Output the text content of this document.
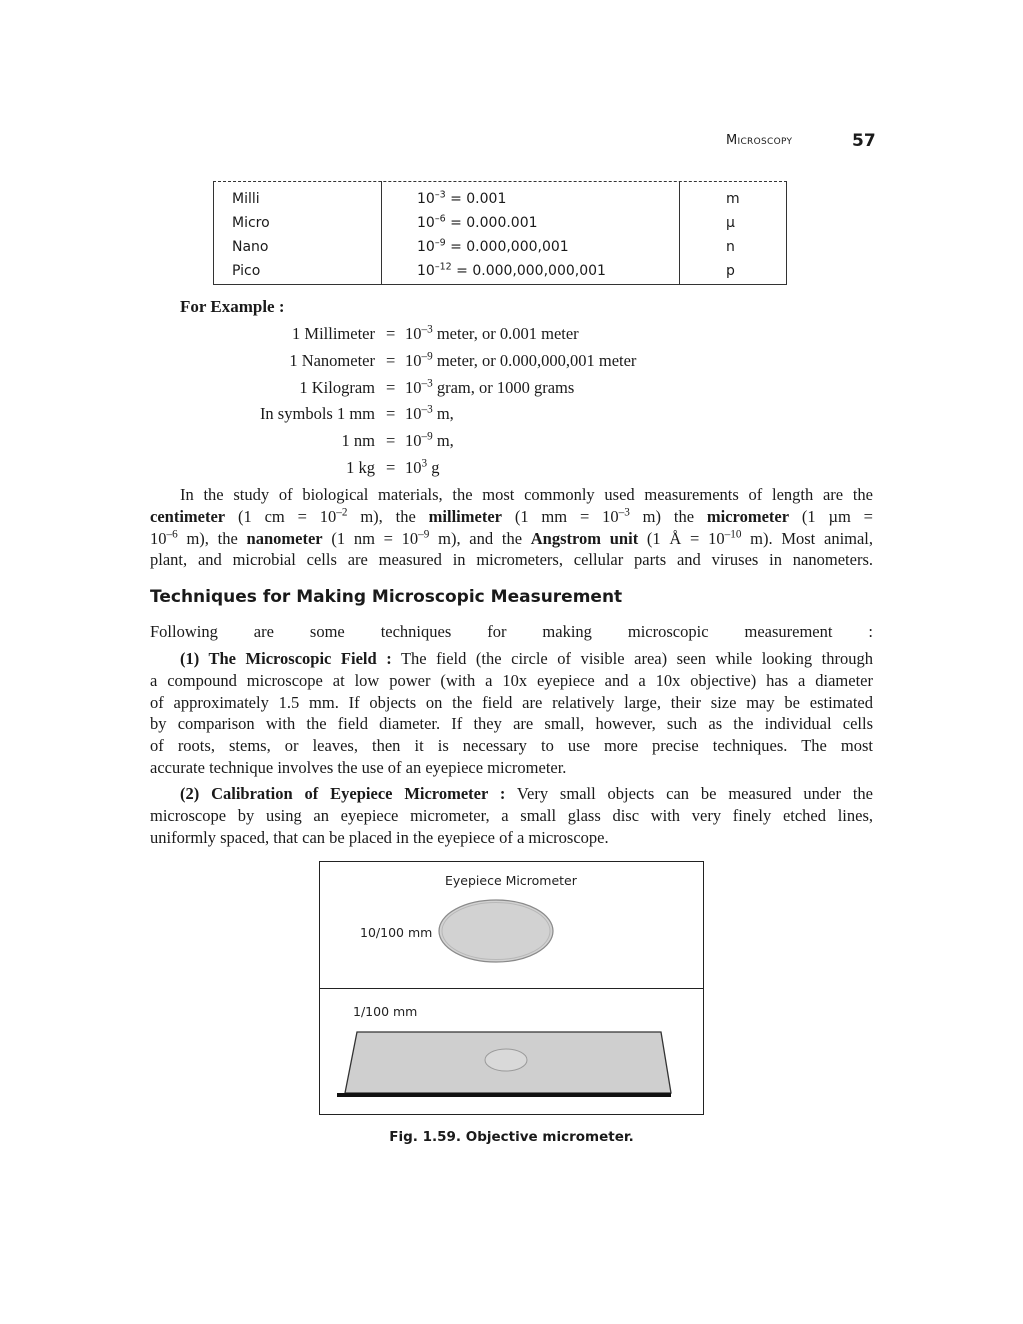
Microscopy	57
Milli	$10^{-3} = 0.001$	m
Micro	$10^{-6} = 0.000.001$	µ
Nano	$10^{-9} = 0.000,000,001$	n
Pico	$10^{-12} = 0.000,000,000,001$	p
For Example :
1 Millimeter = $10^{-3}$ meter, or 0.001 meter
1 Nanometer = $10^{-9}$ meter, or 0.000,000,001 meter
1 Kilogram = $10^{-3}$ gram, or 1000 grams
In symbols 1 mm = $10^{-3}$ m,
1 nm = $10^{-9}$ m,
1 kg = $10^3$ g
In the study of biological materials, the most commonly used measurements of length are the
centimeter (1 cm = $10^{-2}$ m), the millimeter (1 mm = $10^{-3}$ m) the micrometer (1 µm =
$10^{-6}$ m), the nanometer (1 nm = $10^{-9}$ m), and the Angstrom unit (1 Å = $10^{-10}$ m). Most animal,
plant, and microbial cells are measured in micrometers, cellular parts and viruses in nanometers.
Techniques for Making Microscopic Measurement
Following are some techniques for making microscopic measurement :
(1) The Microscopic Field : The field (the circle of visible area) seen while looking through
a compound microscope at low power (with a 10x eyepiece and a 10x objective) has a diameter
of approximately 1.5 mm. If objects on the field are relatively large, their size may be estimated
by comparison with the field diameter. If they are small, however, such as the individual cells
of roots, stems, or leaves, then it is necessary to use more precise techniques. The most
accurate technique involves the use of an eyepiece micrometer.
(2) Calibration of Eyepiece Micrometer : Very small objects can be measured under the
microscope by using an eyepiece micrometer, a small glass disc with very finely etched lines,
uniformly spaced, that can be placed in the eyepiece of a microscope.
Eyepiece Micrometer
10/100 mm
1/100 mm
Fig. 1.59. Objective micrometer.
